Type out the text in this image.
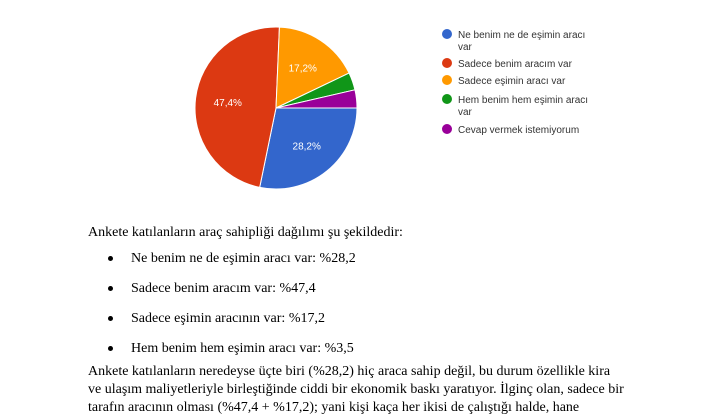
28,2%
47,4%
17,2%
Ne benim ne de eşimin aracı
var
Sadece benim aracım var
Sadece eşimin aracı var
Hem benim hem eşimin aracı
var
Cevap vermek istemiyorum
Ankete katılanların araç sahipliği dağılımı şu şekildedir:
Ne benim ne de eşimin aracı var: %28,2
Sadece benim aracım var: %47,4
Sadece eşimin aracının var: %17,2
Hem benim hem eşimin aracı var: %3,5
Ankete katılanların neredeyse üçte biri (%28,2) hiç araca sahip değil, bu durum özellikle kira
ve ulaşım maliyetleriyle birleştiğinde ciddi bir ekonomik baskı yaratıyor. İlginç olan, sadece bir
tarafın aracının olması (%47,4 + %17,2); yani kişi kaça her ikisi de çalıştığı halde, hane
